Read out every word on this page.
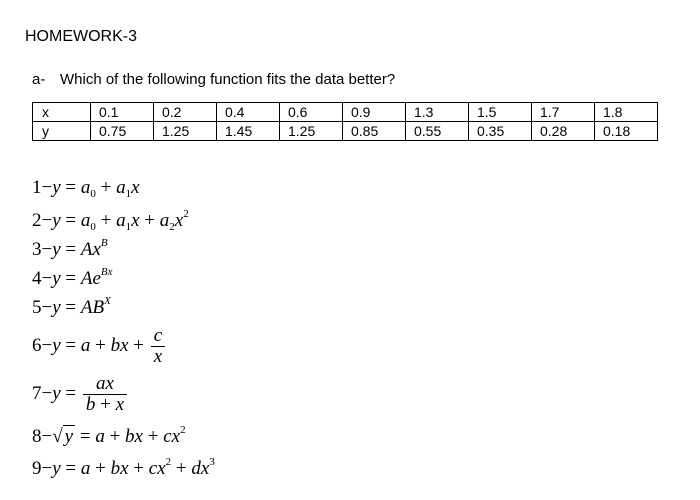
HOMEWORK-3
a- Which of the following function fits the data better?
x	0.1	0.2	0.4	0.6	0.9	1.3	1.5	1.7	1.8
y	0.75	1.25	1.45	1.25	0.85	0.55	0.35	0.28	0.18
$1-y = a_0 + a_1x$
$2-y = a_0 + a_1x + a_2x^2$
$3-y = Ax^B$
$4-y = Ae^{Bx}$
$5-y = AB^X$
6−y = a + bx + $\frac{c}{x}$
$7-y = \frac{ax}{b + x}$
8−√ y = a + bx + $cx^2$
9−y = a + bx + $cx^2 + dx^3$
